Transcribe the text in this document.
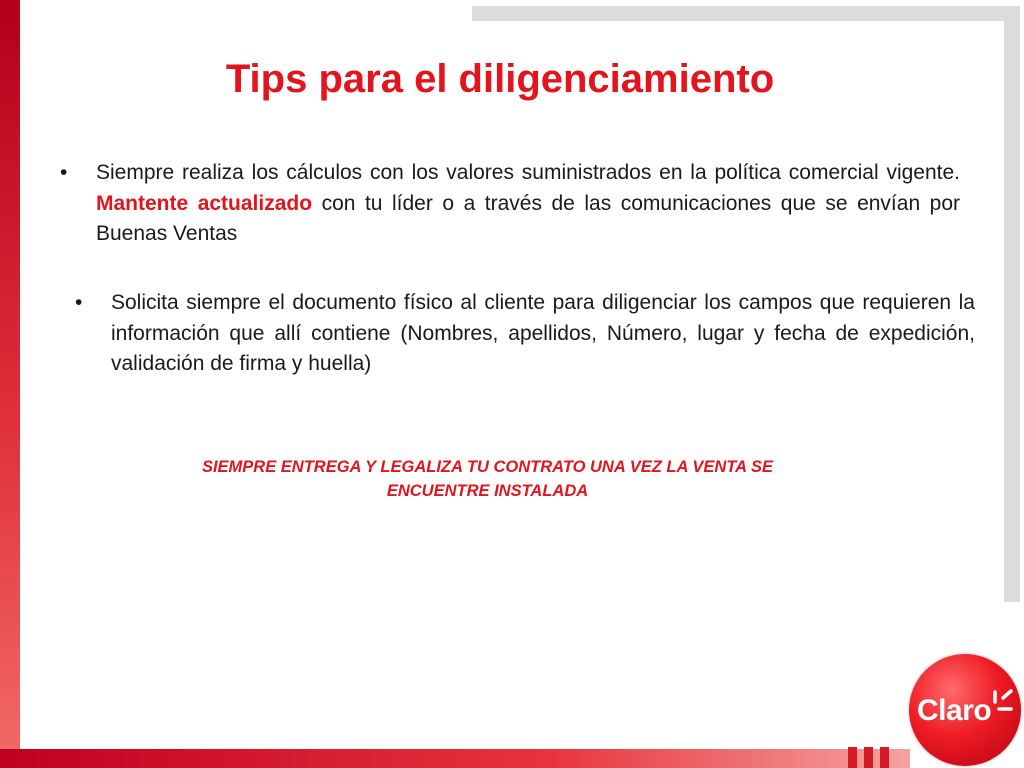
Tips para el diligenciamiento
•	Siempre realiza los cálculos con los valores suministrados en la política comercial vigente. Mantente actualizado con tu líder o a través de las comunicaciones que se envían por Buenas Ventas

•	Solicita siempre el documento físico al cliente para diligenciar los campos que requieren la información que allí contiene (Nombres, apellidos, Número, lugar y fecha de expedición, validación de firma y huella)

SIEMPRE ENTREGA Y LEGALIZA TU CONTRATO UNA VEZ LA VENTA SE
ENCUENTRE INSTALADA
Claro
